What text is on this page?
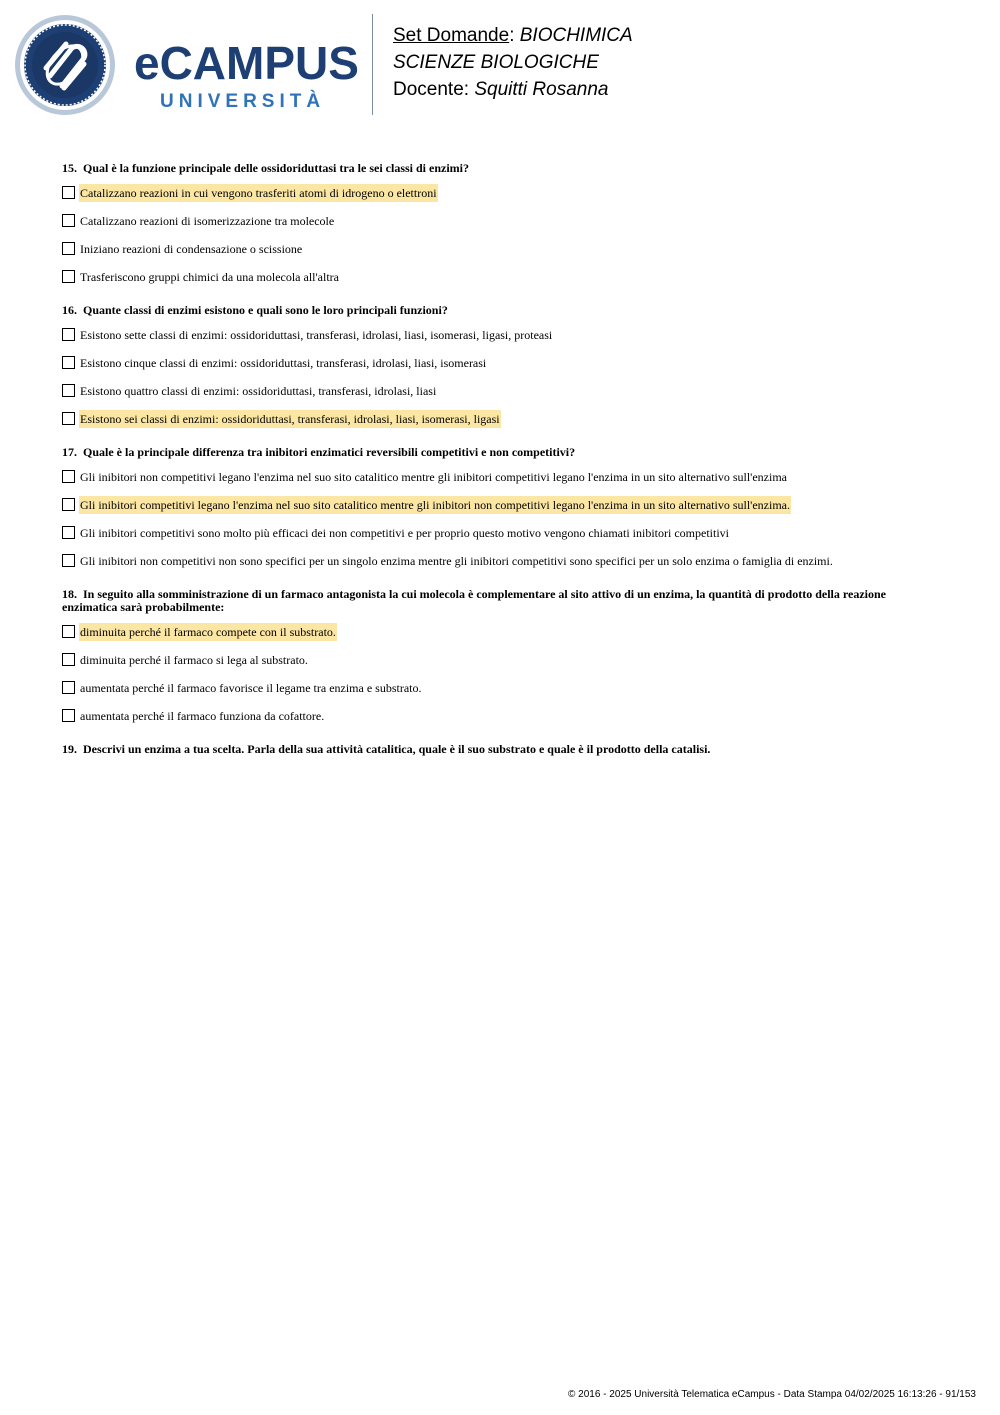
eCAMPUS
UNIVERSITÀ
Set Domande: BIOCHIMICA
SCIENZE BIOLOGICHE
Docente: Squitti Rosanna
15. Qual è la funzione principale delle ossidoriduttasi tra le sei classi di enzimi?
Catalizzano reazioni in cui vengono trasferiti atomi di idrogeno o elettroni
Catalizzano reazioni di isomerizzazione tra molecole
Iniziano reazioni di condensazione o scissione
Trasferiscono gruppi chimici da una molecola all'altra
16. Quante classi di enzimi esistono e quali sono le loro principali funzioni?
Esistono sette classi di enzimi: ossidoriduttasi, transferasi, idrolasi, liasi, isomerasi, ligasi, proteasi
Esistono cinque classi di enzimi: ossidoriduttasi, transferasi, idrolasi, liasi, isomerasi
Esistono quattro classi di enzimi: ossidoriduttasi, transferasi, idrolasi, liasi
Esistono sei classi di enzimi: ossidoriduttasi, transferasi, idrolasi, liasi, isomerasi, ligasi
17. Quale è la principale differenza tra inibitori enzimatici reversibili competitivi e non competitivi?
Gli inibitori non competitivi legano l'enzima nel suo sito catalitico mentre gli inibitori competitivi legano l'enzima in un sito alternativo sull'enzima
Gli inibitori competitivi legano l'enzima nel suo sito catalitico mentre gli inibitori non competitivi legano l'enzima in un sito alternativo sull'enzima.
Gli inibitori competitivi sono molto più efficaci dei non competitivi e per proprio questo motivo vengono chiamati inibitori competitivi
Gli inibitori non competitivi non sono specifici per un singolo enzima mentre gli inibitori competitivi sono specifici per un solo enzima o famiglia di enzimi.
18. In seguito alla somministrazione di un farmaco antagonista la cui molecola è complementare al sito attivo di un enzima, la quantità di prodotto della reazione enzimatica sarà probabilmente:
diminuita perché il farmaco compete con il substrato.
diminuita perché il farmaco si lega al substrato.
aumentata perché il farmaco favorisce il legame tra enzima e substrato.
aumentata perché il farmaco funziona da cofattore.
19. Descrivi un enzima a tua scelta. Parla della sua attività catalitica, quale è il suo substrato e quale è il prodotto della catalisi.
© 2016 - 2025 Università Telematica eCampus - Data Stampa 04/02/2025 16:13:26 - 91/153
